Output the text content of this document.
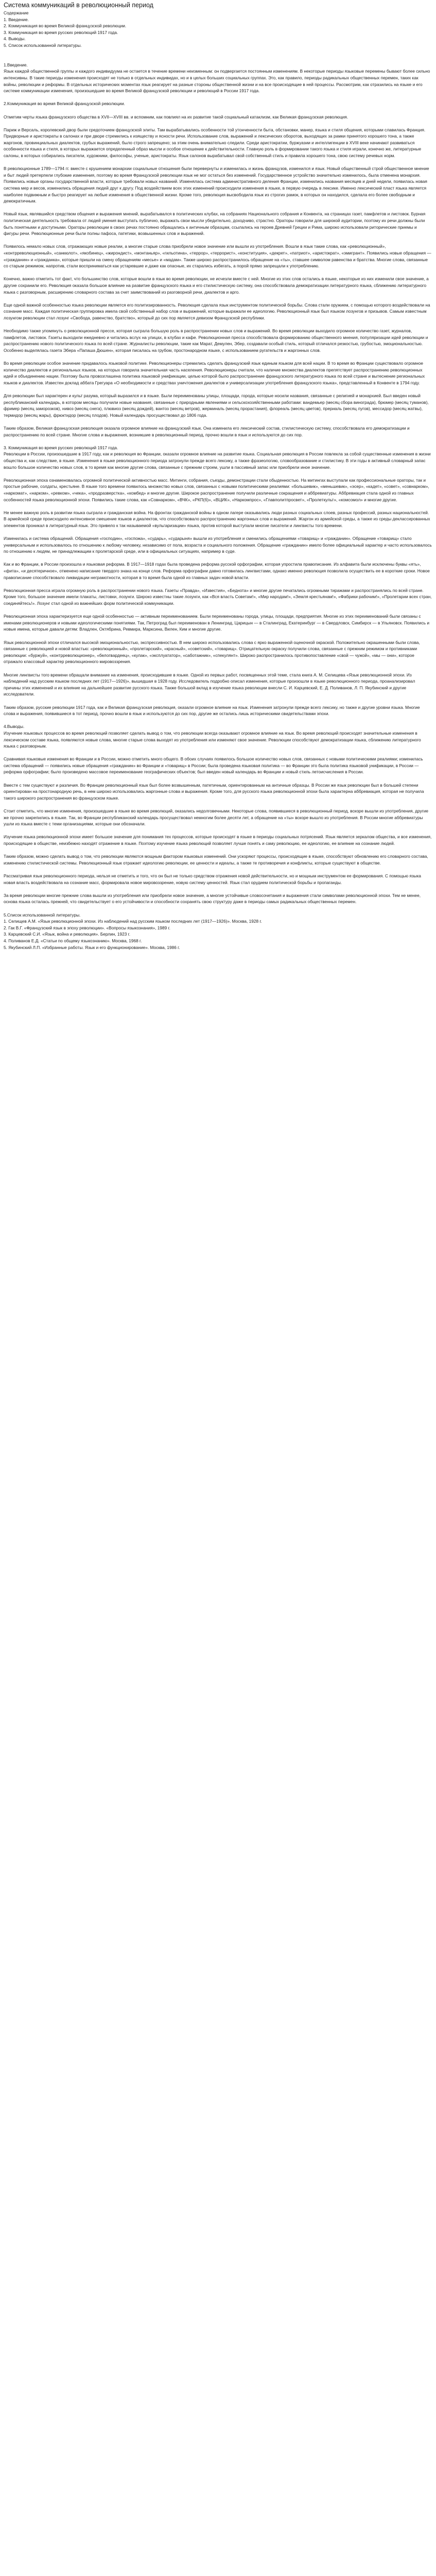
Система коммуникаций в революционный период

Содержание

1. Введение.

2. Коммуникация во время Великой французской революции.

3. Коммуникация во время русских революций 1917 года.

4. Выводы.

5. Список использованной литературы.

1.Введение.

Язык каждой общественной группы и каждого индивидуума не остается в течение времени неизменным: он подвергается постоянным изменениям. В некоторые периоды языковые перемены бывают более сильно интенсивны. В такие периоды изменения происходят не только в отдельных индивидах, но и в целых больших социальных группах. Это, как правило, периоды радикальных общественных перемен, таких как войны, революции и реформы. В отдельных исторических моментах язык реагирует на разные стороны общественной жизни и на все происходящие в ней процессы. Рассмотрим, как отразились на языке и его системе коммуникации изменения, произошедшие во время Великой французской революции и революций в России 1917 года.

2.Коммуникация во время Великой французской революции.

Отметим черты языка французского общества в XVII—XVIII вв. и вспомним, как повлиял на их развитие такой социальный катаклизм, как Великая французская революция.

Париж и Версаль, королевский двор были средоточием французской элиты. Там вырабатывались особенности той утонченности быта, обстановки, манер, языка и стиля общения, которыми славилась Франция. Придворные и аристократы в салонах и при дворе стремились к изяществу и ясности речи. Использование слов, выражений и лексических оборотов, выходящих за рамки принятого хорошего тона, а также жаргонов, провинциальных диалектов, грубых выражений, было строго запрещено; за этим очень внимательно следили. Среди аристократии, буржуазии и интеллигенции в XVIII веке начинают развиваться особенности языка и стиля, в которых выражается определенный образ мысли и особое отношение к действительности. Главную роль в формировании такого языка и стиля играли, конечно же, литературные салоны, в которых собирались писатели, художники, философы, ученые, аристократы. Язык салонов вырабатывал свой собственный стиль и правила хорошего тона, свою систему речевых норм.

В революционные 1789—1794 гг. вместе с крушением монархии социальные отношения были перевернуты и изменилась и жизнь французов, изменился и язык. Новый общественный строй общественное мнение и быт людей претерпели глубокие изменения, поэтому во время Французской революции язык не мог остаться без изменений. Государственное устройство значительно изменилось, была отменена монархия. Появились новые органы государственной власти, которые требовали новых названий. Изменялась система административного деления Франции, изменились названия месяцев и дней недели, появилась новая система мер и весов, изменились обращения людей друг к другу. Под воздействием всех этих изменений происходили изменения в языке, в первую очередь в лексике. Именно лексический пласт языка является наиболее подвижным и быстро реагирует на любые изменения в общественной жизни. Кроме того, революция высвободила язык из строгих рамок, в которых он находился, сделала его более свободным и демократичным.

Новый язык, являвшийся средством общения и выражения мнений, вырабатывался в политических клубах, на собраниях Национального собрания и Конвента, на страницах газет, памфлетов и листовок. Бурная политическая деятельность требовала от людей умения выступать публично, выражать свои мысли убедительно, доходчиво, страстно. Ораторы говорили для широкой аудитории, поэтому их речи должны были быть понятными и доступными. Ораторы революции в своих речах постоянно обращались к античным образцам, ссылались на героев Древней Греции и Рима, широко использовали риторические приемы и фигуры речи. Революционные речи были полны пафоса, патетики, возвышенных слов и выражений.

Появилось немало новых слов, отражающих новые реалии, а многие старые слова приобрели новое значение или вышли из употребления. Вошли в язык такие слова, как «революционный», «контрреволюционный», «санкюлот», «якобинец», «жирондист», «монтаньяр», «гильотина», «террор», «террорист», «конституция», «декрет», «патриот», «аристократ», «эмигрант». Появились новые обращения — «гражданин» и «гражданка», которые пришли на смену обращениям «месье» и «мадам». Также широко распространилось обращение на «ты», ставшее символом равенства и братства. Многие слова, связанные со старым режимом, напротив, стали восприниматься как устаревшие и даже как опасные, их старались избегать, а порой прямо запрещали к употреблению.

Конечно, важно отметить тот факт, что большинство слов, которые вошли в язык во время революции, не исчезли вместе с ней. Многие из этих слов остались в языке, некоторые из них изменили свое значение, а другие сохранили его. Революция оказала большое влияние на развитие французского языка и его стилистическую систему, она способствовала демократизации литературного языка, сближению литературного языка с разговорным, расширению словарного состава за счет заимствований из разговорной речи, диалектов и арго.

Еще одной важной особенностью языка революции является его политизированность. Революция сделала язык инструментом политической борьбы. Слова стали оружием, с помощью которого воздействовали на сознание масс. Каждая политическая группировка имела свой собственный набор слов и выражений, которые выражали ее идеологию. Революционный язык был языком лозунгов и призывов. Самым известным лозунгом революции стал лозунг «Свобода, равенство, братство», который до сих пор является девизом Французской республики.

Необходимо также упомянуть о революционной прессе, которая сыграла большую роль в распространении новых слов и выражений. Во время революции выходило огромное количество газет, журналов, памфлетов, листовок. Газеты выходили ежедневно и читались вслух на улицах, в клубах и кафе. Революционная пресса способствовала формированию общественного мнения, популяризации идей революции и распространению нового политического языка по всей стране. Журналисты революции, такие как Марат, Демулен, Эбер, создавали особый стиль, который отличался резкостью, грубостью, эмоциональностью. Особенно выделялась газета Эбера «Папаша Дюшен», которая писалась на грубом, простонародном языке, с использованием ругательств и жаргонных слов.

Во время революции особое значение придавалось языковой политике. Революционеры стремились сделать французский язык единым языком для всей нации. В то время во Франции существовало огромное количество диалектов и региональных языков, на которых говорила значительная часть населения. Революционеры считали, что наличие множества диалектов препятствует распространению революционных идей и объединению нации. Поэтому была провозглашена политика языковой унификации, целью которой было распространение французского литературного языка по всей стране и вытеснение региональных языков и диалектов. Известен доклад аббата Грегуара «О необходимости и средствах уничтожения диалектов и универсализации употребления французского языка», представленный в Конвенте в 1794 году.

Для революции был характерен и культ разума, который выразился и в языке. Были переименованы улицы, площади, города, которые носили названия, связанные с религией и монархией. Был введен новый республиканский календарь, в котором месяцы получили новые названия, связанные с природными явлениями и сельскохозяйственными работами: вандемьер (месяц сбора винограда), брюмер (месяц туманов), фример (месяц заморозков), нивоз (месяц снега), плювиоз (месяц дождей), вантоз (месяц ветров), жерминаль (месяц прорастания), флореаль (месяц цветов), прериаль (месяц лугов), мессидор (месяц жатвы), термидор (месяц жары), фрюктидор (месяц плодов). Новый календарь просуществовал до 1806 года.

Таким образом, Великая французская революция оказала огромное влияние на французский язык. Она изменила его лексический состав, стилистическую систему, способствовала его демократизации и распространению по всей стране. Многие слова и выражения, возникшие в революционный период, прочно вошли в язык и используются до сих пор.

3. Коммуникация во время русских революций 1917 года.

Революции в России, произошедшие в 1917 году, как и революция во Франции, оказали огромное влияние на развитие языка. Социальная революция в России повлекла за собой существенные изменения в жизни общества и, как следствие, в языке. Изменения в языке революционного периода затронули прежде всего лексику, а также фразеологию, словообразование и стилистику. В эти годы в активный словарный запас вошло большое количество новых слов, в то время как многие другие слова, связанные с прежним строем, ушли в пассивный запас или приобрели иное значение.

Революционная эпоха ознаменовалась огромной политической активностью масс. Митинги, собрания, съезды, демонстрации стали обыденностью. На митингах выступали как профессиональные ораторы, так и простые рабочие, солдаты, крестьяне. В языке того времени появилось множество новых слов, связанных с новыми политическими реалиями: «большевик», «меньшевик», «эсер», «кадет», «совет», «совнарком», «наркомат», «нарком», «ревком», «чека», «продразверстка», «комбед» и многие другие. Широкое распространение получили различные сокращения и аббревиатуры. Аббревиация стала одной из главных особенностей языка революционной эпохи. Появились такие слова, как «Совнарком», «ВЧК», «РКП(б)», «ВЦИК», «Наркомпрос», «Главполитпросвет», «Пролеткульт», «комсомол» и многие другие.

Не менее важную роль в развитии языка сыграла и гражданская война. На фронтах гражданской войны в одном лагере оказывались люди разных социальных слоев, разных профессий, разных национальностей. В армейской среде происходило интенсивное смешение языков и диалектов, что способствовало распространению жаргонных слов и выражений. Жаргон из армейской среды, а также из среды деклассированных элементов проникал в литературный язык. Это привело к так называемой «вульгаризации» языка, против которой выступали многие писатели и лингвисты того времени.

Изменилась и система обращений. Обращения «господин», «госпожа», «сударь», «сударыня» вышли из употребления и сменились обращениями «товарищ» и «гражданин». Обращение «товарищ» стало универсальным и использовалось по отношению к любому человеку, независимо от пола, возраста и социального положения. Обращение «гражданин» имело более официальный характер и часто использовалось по отношению к людям, не принадлежащим к пролетарской среде, или в официальных ситуациях, например в суде.

Как и во Франции, в России произошла и языковая реформа. В 1917—1918 годах была проведена реформа русской орфографии, которая упростила правописание. Из алфавита были исключены буквы «ять», «фита», «и десятеричное», отменено написание твердого знака на конце слов. Реформа орфографии давно готовилась лингвистами, однако именно революция позволила осуществить ее в короткие сроки. Новое правописание способствовало ликвидации неграмотности, которая в то время была одной из главных задач новой власти.

Революционная пресса играла огромную роль в распространении нового языка. Газеты «Правда», «Известия», «Беднота» и многие другие печатались огромными тиражами и распространялись по всей стране. Кроме того, большое значение имели плакаты, листовки, лозунги. Широко известны такие лозунги, как «Вся власть Советам!», «Мир народам!», «Земля крестьянам!», «Фабрики рабочим!», «Пролетарии всех стран, соединяйтесь!». Лозунг стал одной из важнейших форм политической коммуникации.

Революционная эпоха характеризуется еще одной особенностью — активным переименованием. Были переименованы города, улицы, площади, предприятия. Многие из этих переименований были связаны с именами революционеров и новыми идеологическими понятиями. Так, Петроград был переименован в Ленинград, Царицын — в Сталинград, Екатеринбург — в Свердловск, Симбирск — в Ульяновск. Появились и новые имена, которые давали детям: Владлен, Октябрина, Ревмира, Марксина, Вилен, Ким и многие другие.

Язык революционной эпохи отличался высокой эмоциональностью, экспрессивностью. В нем широко использовались слова с ярко выраженной оценочной окраской. Положительно окрашенными были слова, связанные с революцией и новой властью: «революционный», «пролетарский», «красный», «советский», «товарищ». Отрицательную окраску получили слова, связанные с прежним режимом и противниками революции: «буржуй», «контрреволюционер», «белогвардеец», «кулак», «эксплуататор», «саботажник», «спекулянт». Широко распространилось противопоставление «свой — чужой», «мы — они», которое отражало классовый характер революционного мировоззрения.

Многие лингвисты того времени обращали внимание на изменения, происходившие в языке. Одной из первых работ, посвященных этой теме, стала книга А. М. Селищева «Язык революционной эпохи. Из наблюдений над русским языком последних лет (1917—1926)», вышедшая в 1928 году. Исследователь подробно описал изменения, которые произошли в языке революционного периода, проанализировал причины этих изменений и их влияние на дальнейшее развитие русского языка. Также большой вклад в изучение языка революции внесли С. И. Карцевский, Е. Д. Поливанов, Л. П. Якубинский и другие исследователи.

Таким образом, русские революции 1917 года, как и Великая французская революция, оказали огромное влияние на язык. Изменения затронули прежде всего лексику, но также и другие уровни языка. Многие слова и выражения, появившиеся в тот период, прочно вошли в язык и используются до сих пор, другие же остались лишь историческими свидетельствами эпохи.

4.Выводы.

Изучение языковых процессов во время революций позволяет сделать вывод о том, что революции всегда оказывают огромное влияние на язык. Во время революций происходят значительные изменения в лексическом составе языка, появляются новые слова, многие старые слова выходят из употребления или изменяют свое значение. Революции способствуют демократизации языка, сближению литературного языка с разговорным.

Сравнивая языковые изменения во Франции и в России, можно отметить много общего. В обоих случаях появилось большое количество новых слов, связанных с новыми политическими реалиями; изменилась система обращений — появились новые обращения «гражданин» во Франции и «товарищ» в России; была проведена языковая политика — во Франции это была политика языковой унификации, в России — реформа орфографии; было произведено массовое переименование географических объектов; был введен новый календарь во Франции и новый стиль летоисчисления в России.

Вместе с тем существуют и различия. Во Франции революционный язык был более возвышенным, патетичным, ориентированным на античные образцы. В России же язык революции был в большей степени ориентирован на простонародную речь, в нем широко использовались жаргонные слова и выражения. Кроме того, для русского языка революционной эпохи была характерна аббревиация, которая не получила такого широкого распространения во французском языке.

Стоит отметить, что многие изменения, произошедшие в языке во время революций, оказались недолговечными. Некоторые слова, появившиеся в революционный период, вскоре вышли из употребления, другие же прочно закрепились в языке. Так, во Франции республиканский календарь просуществовал немногим более десяти лет, а обращение на «ты» вскоре вышло из употребления. В России многие аббревиатуры ушли из языка вместе с теми организациями, которые они обозначали.

Изучение языка революционной эпохи имеет большое значение для понимания тех процессов, которые происходят в языке в периоды социальных потрясений. Язык является зеркалом общества, и все изменения, происходящие в обществе, неизбежно находят отражение в языке. Поэтому изучение языка революций позволяет лучше понять и саму революцию, ее идеологию, ее влияние на сознание людей.

Таким образом, можно сделать вывод о том, что революции являются мощным фактором языковых изменений. Они ускоряют процессы, происходящие в языке, способствуют обновлению его словарного состава, изменению стилистической системы. Революционный язык отражает идеологию революции, ее ценности и идеалы, а также те противоречия и конфликты, которые существуют в обществе.

Рассматривая язык революционного периода, нельзя не отметить и того, что он был не только средством отражения новой действительности, но и мощным инструментом ее формирования. С помощью языка новая власть воздействовала на сознание масс, формировала новое мировоззрение, новую систему ценностей. Язык стал орудием политической борьбы и пропаганды.

За время революции многие прежние слова вышли из употребления или приобрели новое значение, а многие устойчивые словосочетания и выражения стали символами революционной эпохи. Тем не менее, основа языка осталась прежней, что свидетельствует о его устойчивости и способности сохранять свою структуру даже в периоды самых радикальных общественных перемен.

5.Список использованной литературы.

1. Селищев А.М. «Язык революционной эпохи. Из наблюдений над русским языком последних лет (1917—1926)». Москва, 1928 г.

2. Гак В.Г. «Французский язык в эпоху революции». «Вопросы языкознания», 1989 г.

3. Карцевский С.И. «Язык, война и революция». Берлин, 1923 г.

4. Поливанов Е.Д. «Статьи по общему языкознанию». Москва, 1968 г.

5. Якубинский Л.П. «Избранные работы. Язык и его функционирование». Москва, 1986 г.
